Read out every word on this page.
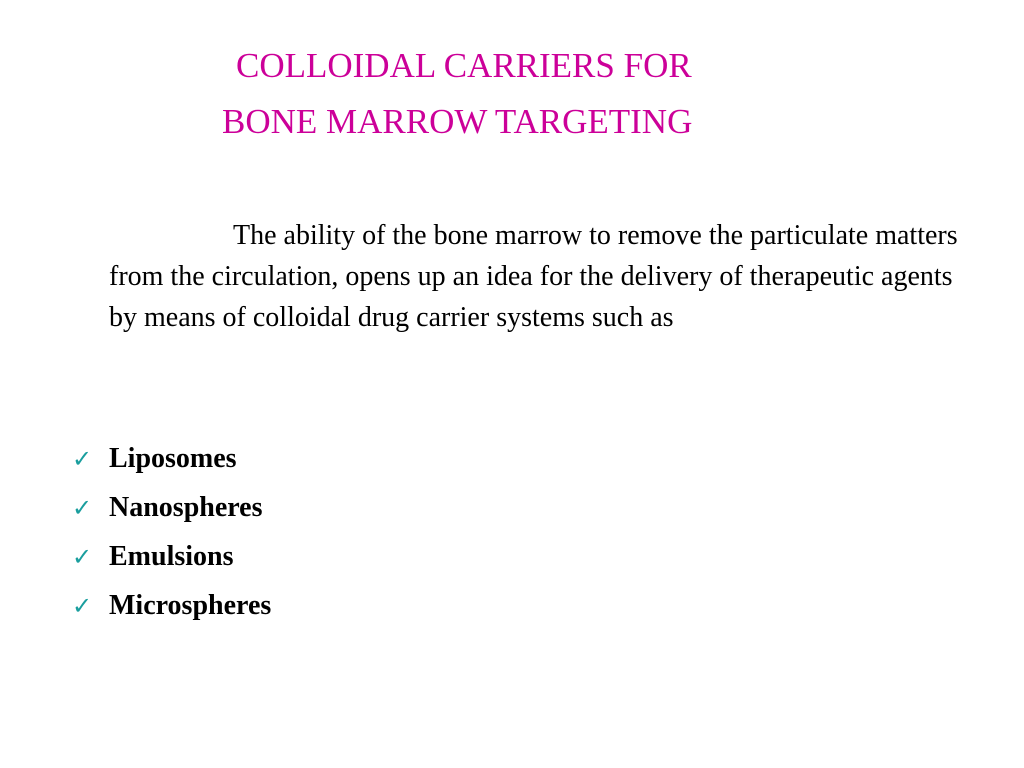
COLLOIDAL CARRIERS FOR
BONE MARROW TARGETING

The ability of the bone marrow to remove the particulate matters from the circulation, opens up an idea for the delivery of therapeutic agents by means of colloidal drug carrier systems such as

✓ Liposomes
✓ Nanospheres
✓ Emulsions
✓ Microspheres
